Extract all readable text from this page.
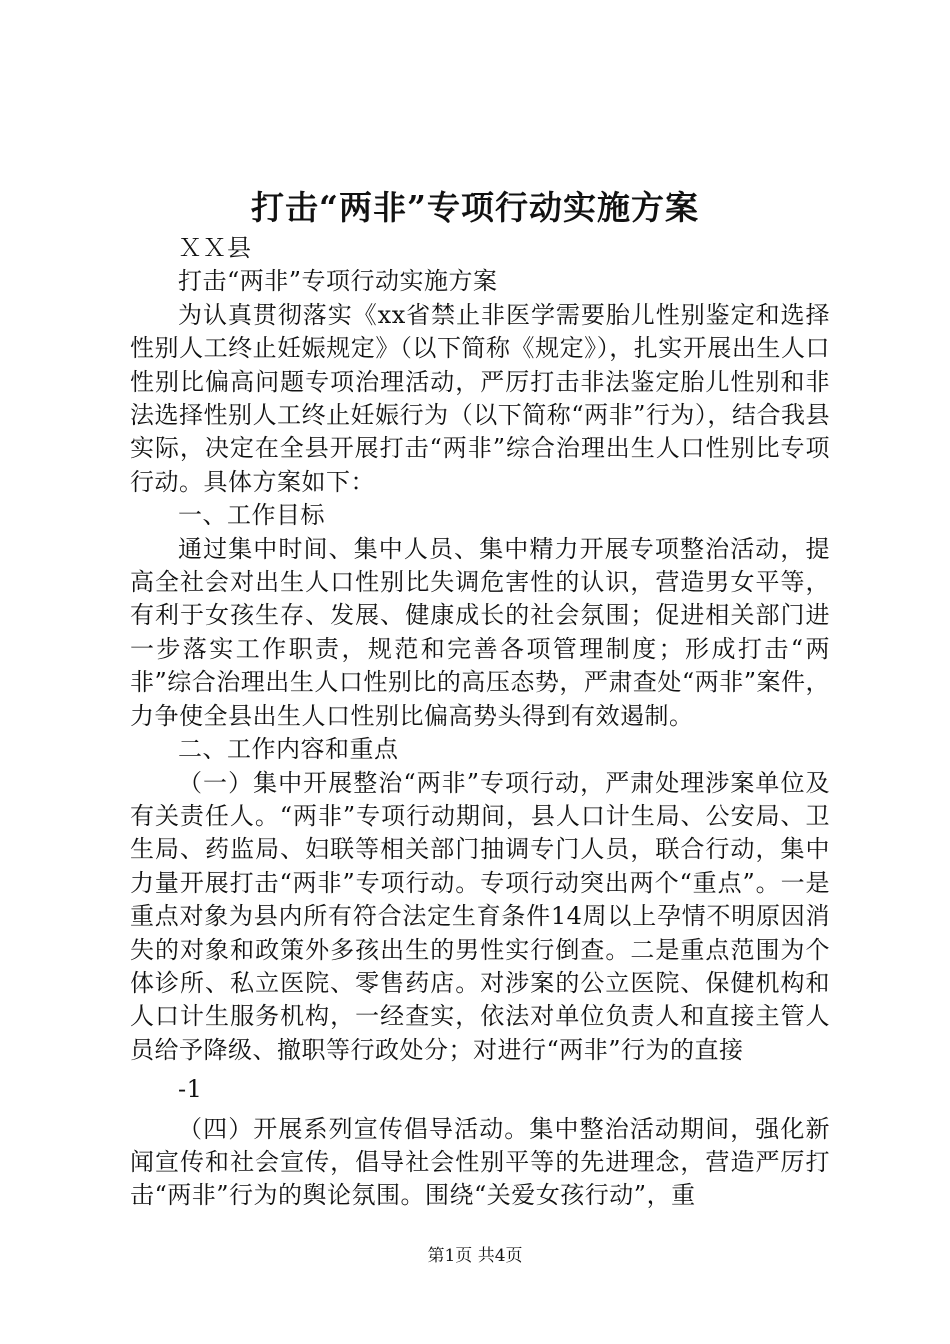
打击“两非”专项行动实施方案

ＸＸ县

打击“两非”专项行动实施方案

为认真贯彻落实《xx省禁止非医学需要胎儿性别鉴定和选择性别人工终止妊娠规定》（以下简称《规定》），扎实开展出生人口性别比偏高问题专项治理活动，严厉打击非法鉴定胎儿性别和非法选择性别人工终止妊娠行为（以下简称“两非”行为），结合我县实际，决定在全县开展打击“两非”综合治理出生人口性别比专项行动。具体方案如下：

一、工作目标

通过集中时间、集中人员、集中精力开展专项整治活动，提高全社会对出生人口性别比失调危害性的认识，营造男女平等，有利于女孩生存、发展、健康成长的社会氛围；促进相关部门进一步落实工作职责，规范和完善各项管理制度；形成打击“两非”综合治理出生人口性别比的高压态势，严肃查处“两非”案件，力争使全县出生人口性别比偏高势头得到有效遏制。

二、工作内容和重点

（一）集中开展整治“两非”专项行动，严肃处理涉案单位及有关责任人。“两非”专项行动期间，县人口计生局、公安局、卫生局、药监局、妇联等相关部门抽调专门人员，联合行动，集中力量开展打击“两非”专项行动。专项行动突出两个“重点”。一是重点对象为县内所有符合法定生育条件14周以上孕情不明原因消失的对象和政策外多孩出生的男性实行倒查。二是重点范围为个体诊所、私立医院、零售药店。对涉案的公立医院、保健机构和人口计生服务机构，一经查实，依法对单位负责人和直接主管人员给予降级、撤职等行政处分；对进行“两非”行为的直接

-1

（四）开展系列宣传倡导活动。集中整治活动期间，强化新闻宣传和社会宣传，倡导社会性别平等的先进理念，营造严厉打击“两非”行为的舆论氛围。围绕“关爱女孩行动”，重

第1页 共4页
